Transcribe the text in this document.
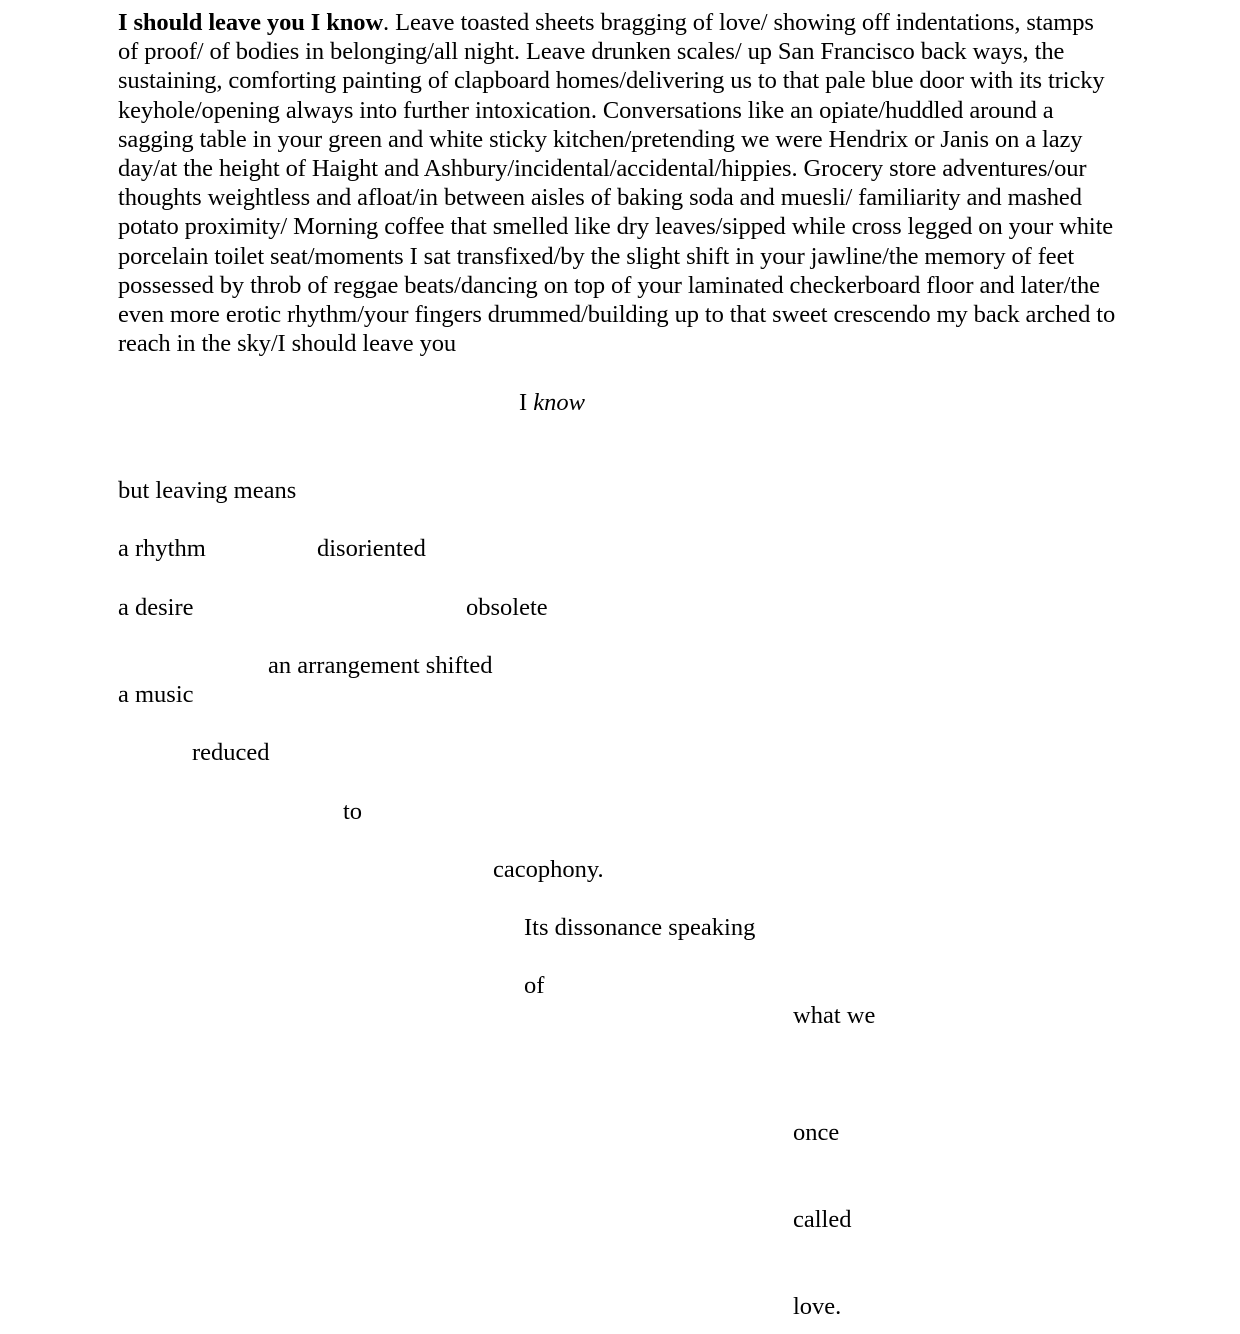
I should leave you I know. Leave toasted sheets bragging of love/ showing off indentations, stamps of proof/ of bodies in belonging/all night. Leave drunken scales/ up San Francisco back ways, the sustaining, comforting painting of clapboard homes/delivering us to that pale blue door with its tricky keyhole/opening always into further intoxication. Conversations like an opiate/huddled around a sagging table in your green and white sticky kitchen/pretending we were Hendrix or Janis on a lazy day/at the height of Haight and Ashbury/incidental/accidental/hippies. Grocery store adventures/our thoughts weightless and afloat/in between aisles of baking soda and muesli/ familiarity and mashed potato proximity/ Morning coffee that smelled like dry leaves/sipped while cross legged on your white porcelain toilet seat/moments I sat transfixed/by the slight shift in your jawline/the memory of feet possessed by throb of reggae beats/dancing on top of your laminated checkerboard floor and later/the even more erotic rhythm/your fingers drummed/building up to that sweet crescendo my back arched to reach in the sky/I should leave you

I know

but leaving means

a rhythm	disoriented

a desire	obsolete

an arrangement shifted

a music

reduced

to

cacophony.

Its dissonance speaking

of

what we

once

called

love.
